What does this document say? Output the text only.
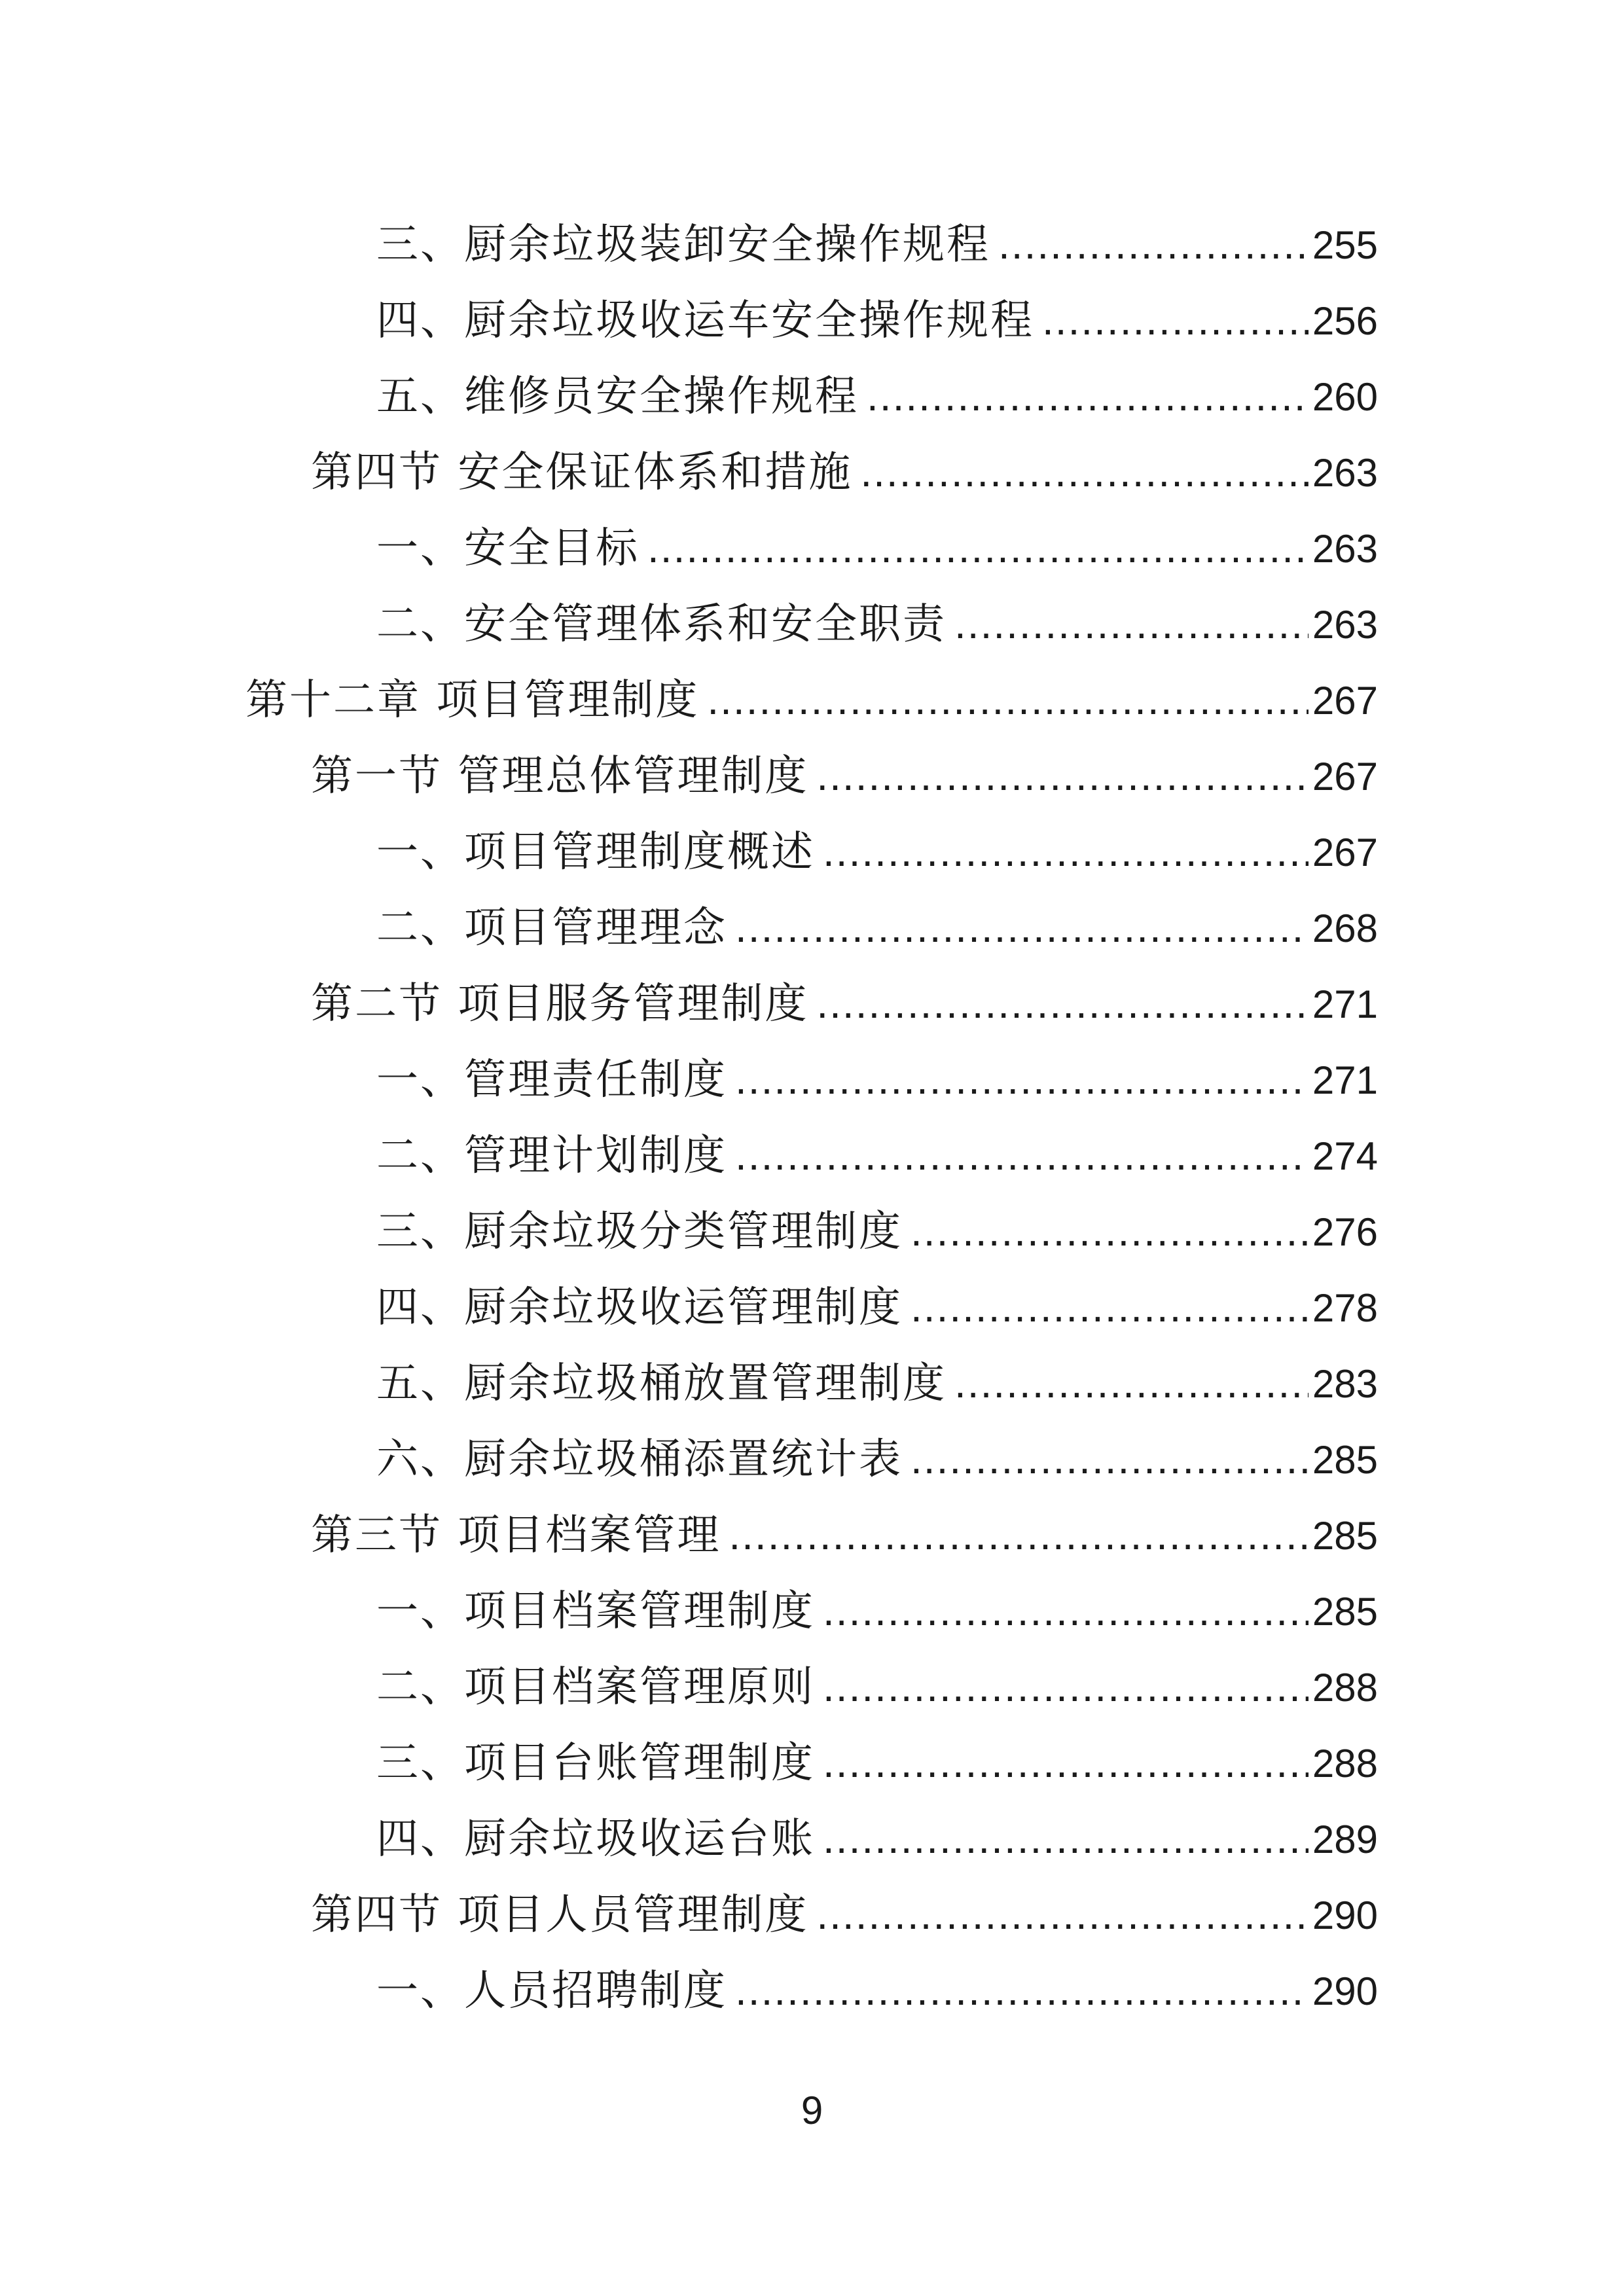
三、厨余垃圾装卸安全操作规程 .....	255
四、厨余垃圾收运车安全操作规程 .....	256
五、维修员安全操作规程 .....	260
第四节 安全保证体系和措施 .....	263
一、安全目标 .....	263
二、安全管理体系和安全职责 .....	263
第十二章 项目管理制度 .....	267
第一节 管理总体管理制度 .....	267
一、项目管理制度概述 .....	267
二、项目管理理念 .....	268
第二节 项目服务管理制度 .....	271
一、管理责任制度 .....	271
二、管理计划制度 .....	274
三、厨余垃圾分类管理制度 .....	276
四、厨余垃圾收运管理制度 .....	278
五、厨余垃圾桶放置管理制度 .....	283
六、厨余垃圾桶添置统计表 .....	285
第三节 项目档案管理 .....	285
一、项目档案管理制度 .....	285
二、项目档案管理原则 .....	288
三、项目台账管理制度 .....	288
四、厨余垃圾收运台账 .....	289
第四节 项目人员管理制度 .....	290
一、人员招聘制度 .....	290
9
